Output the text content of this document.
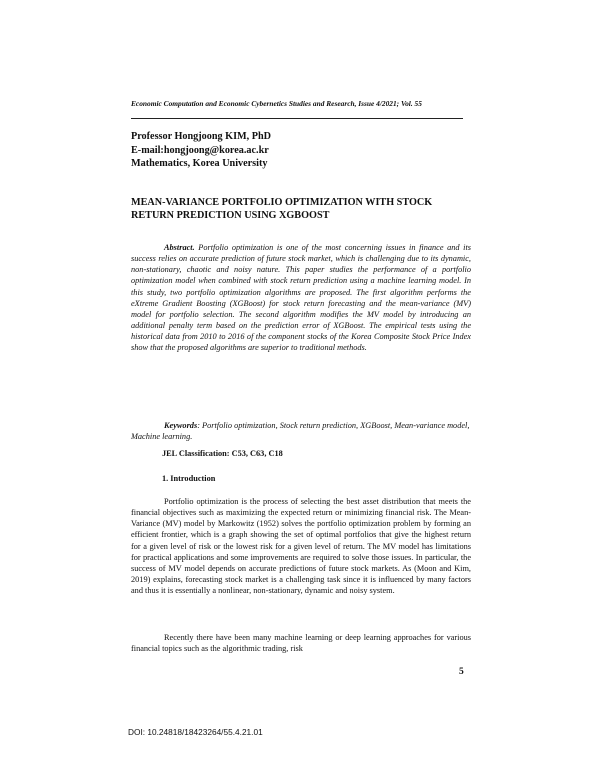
Economic Computation and Economic Cybernetics Studies and Research, Issue 4/2021; Vol. 55
Professor Hongjoong KIM, PhD
E-mail:hongjoong@korea.ac.kr
Mathematics, Korea University
MEAN-VARIANCE PORTFOLIO OPTIMIZATION WITH STOCK RETURN PREDICTION USING XGBOOST
Abstract. Portfolio optimization is one of the most concerning issues in finance and its success relies on accurate prediction of future stock market, which is challenging due to its dynamic, non-stationary, chaotic and noisy nature. This paper studies the performance of a portfolio optimization model when combined with stock return prediction using a machine learning model. In this study, two portfolio optimization algorithms are proposed. The first algorithm performs the eXtreme Gradient Boosting (XGBoost) for stock return forecasting and the mean-variance (MV) model for portfolio selection. The second algorithm modifies the MV model by introducing an additional penalty term based on the prediction error of XGBoost. The empirical tests using the historical data from 2010 to 2016 of the component stocks of the Korea Composite Stock Price Index show that the proposed algorithms are superior to traditional methods.
Keywords: Portfolio optimization, Stock return prediction, XGBoost, Mean-variance model, Machine learning.
JEL Classification: C53, C63, C18
1. Introduction
Portfolio optimization is the process of selecting the best asset distribution that meets the financial objectives such as maximizing the expected return or minimizing financial risk. The Mean-Variance (MV) model by Markowitz (1952) solves the portfolio optimization problem by forming an efficient frontier, which is a graph showing the set of optimal portfolios that give the highest return for a given level of risk or the lowest risk for a given level of return. The MV model has limitations for practical applications and some improvements are required to solve those issues. In particular, the success of MV model depends on accurate predictions of future stock markets. As (Moon and Kim, 2019) explains, forecasting stock market is a challenging task since it is influenced by many factors and thus it is essentially a nonlinear, non-stationary, dynamic and noisy system.
Recently there have been many machine learning or deep learning approaches for various financial topics such as the algorithmic trading, risk
5
DOI: 10.24818/18423264/55.4.21.01
